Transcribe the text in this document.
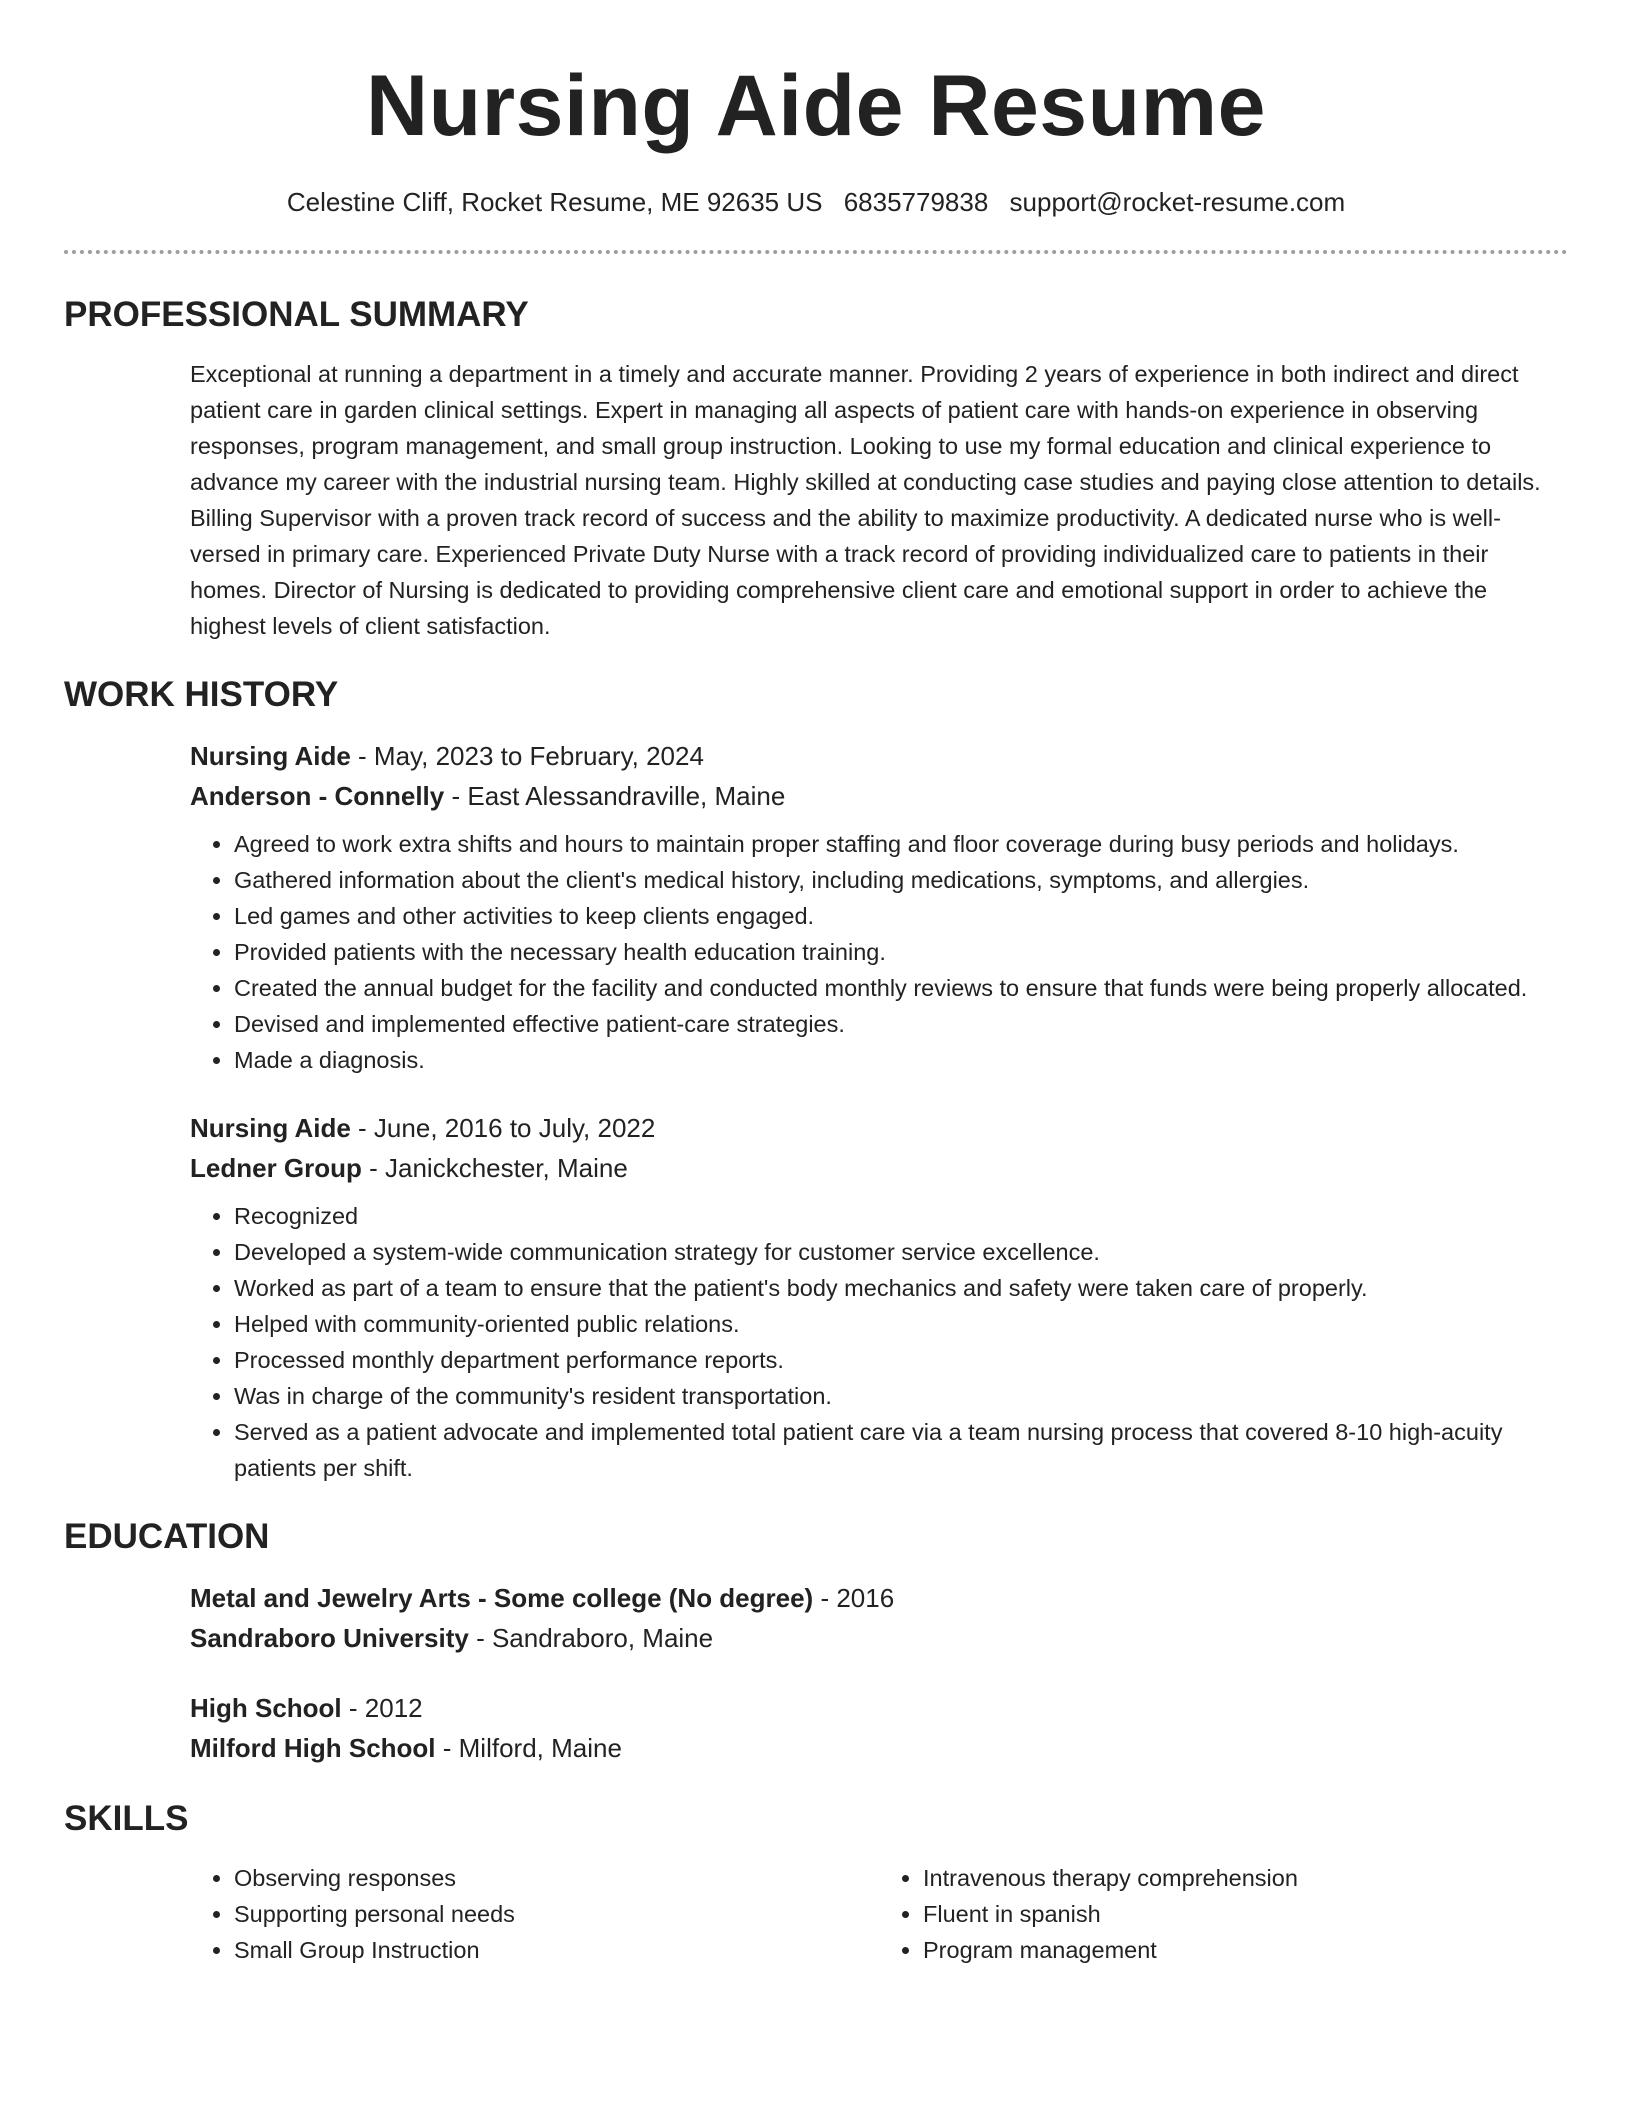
Nursing Aide Resume
Celestine Cliff, Rocket Resume, ME 92635 US 6835779838 support@rocket-resume.com
PROFESSIONAL SUMMARY

Exceptional at running a department in a timely and accurate manner. Providing 2 years of experience in both indirect and direct patient care in garden clinical settings. Expert in managing all aspects of patient care with hands-on experience in observing responses, program management, and small group instruction. Looking to use my formal education and clinical experience to advance my career with the industrial nursing team. Highly skilled at conducting case studies and paying close attention to details. Billing Supervisor with a proven track record of success and the ability to maximize productivity. A dedicated nurse who is well-versed in primary care. Experienced Private Duty Nurse with a track record of providing individualized care to patients in their homes. Director of Nursing is dedicated to providing comprehensive client care and emotional support in order to achieve the highest levels of client satisfaction.

WORK HISTORY
Nursing Aide - May, 2023 to February, 2024
Anderson - Connelly - East Alessandraville, Maine
• Agreed to work extra shifts and hours to maintain proper staffing and floor coverage during busy periods and holidays.
• Gathered information about the client's medical history, including medications, symptoms, and allergies.
• Led games and other activities to keep clients engaged.
• Provided patients with the necessary health education training.
• Created the annual budget for the facility and conducted monthly reviews to ensure that funds were being properly allocated.
• Devised and implemented effective patient-care strategies.
• Made a diagnosis.
Nursing Aide - June, 2016 to July, 2022
Ledner Group - Janickchester, Maine
• Recognized
• Developed a system-wide communication strategy for customer service excellence.
• Worked as part of a team to ensure that the patient's body mechanics and safety were taken care of properly.
• Helped with community-oriented public relations.
• Processed monthly department performance reports.
• Was in charge of the community's resident transportation.
• Served as a patient advocate and implemented total patient care via a team nursing process that covered 8-10 high-acuity patients per shift.
EDUCATION
Metal and Jewelry Arts - Some college (No degree) - 2016
Sandraboro University - Sandraboro, Maine
High School - 2012
Milford High School - Milford, Maine
SKILLS
• Observing responses
• Supporting personal needs
• Small Group Instruction
• Intravenous therapy comprehension
• Fluent in spanish
• Program management
